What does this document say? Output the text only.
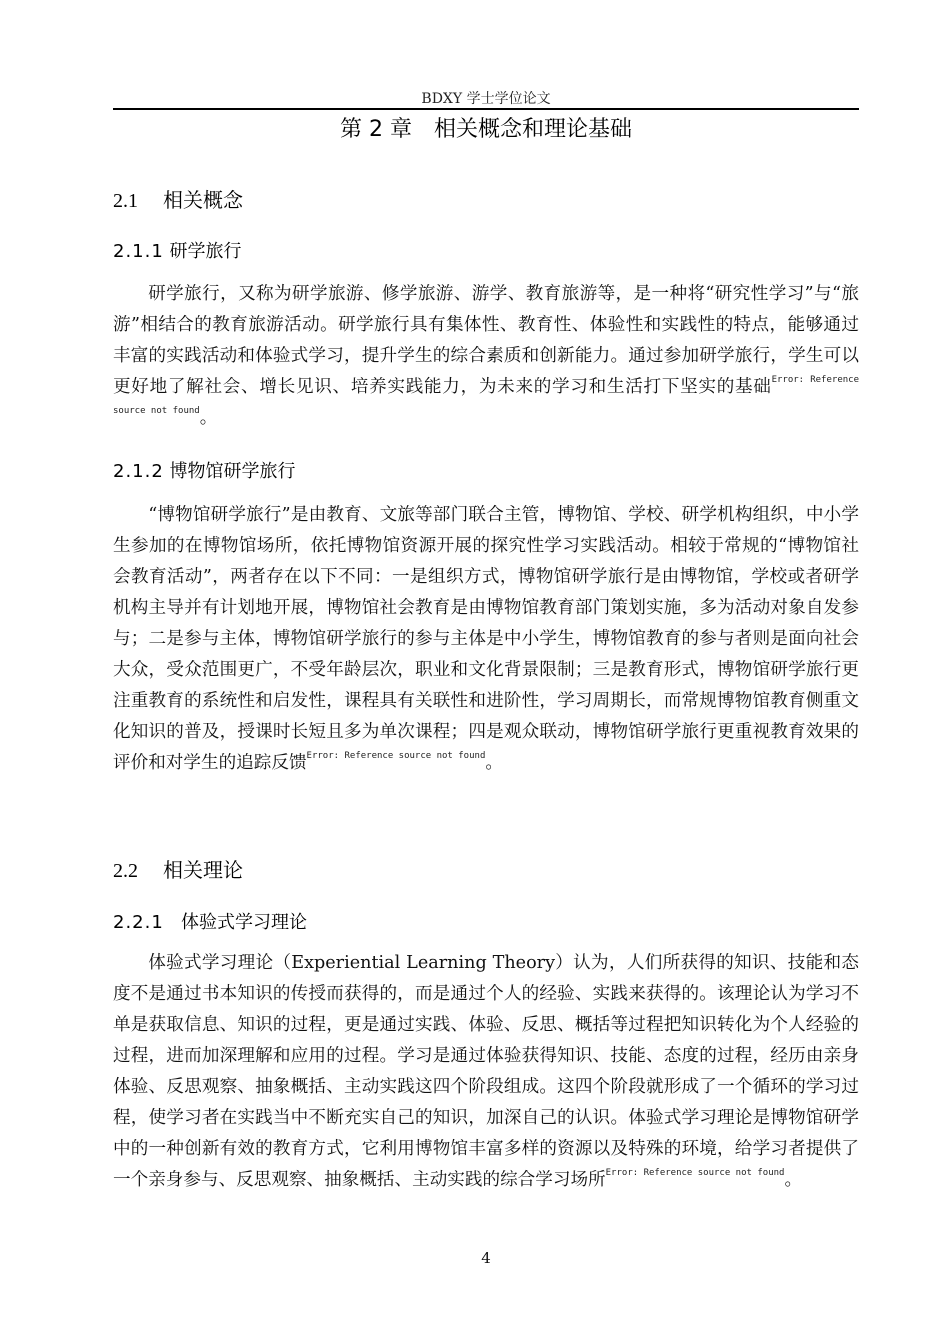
BDXY 学士学位论文
第 2 章 相关概念和理论基础
2.1 相关概念
2.1.1 研学旅行

研学旅行，又称为研学旅游、修学旅游、游学、教育旅游等，是一种将“研究性学习”与“旅游”相结合的教育旅游活动。研学旅行具有集体性、教育性、体验性和实践性的特点，能够通过丰富的实践活动和体验式学习，提升学生的综合素质和创新能力。通过参加研学旅行，学生可以更好地了解社会、增长见识、培养实践能力，为未来的学习和生活打下坚实的基础$^{Error: Reference source not found}$。

2.1.2 博物馆研学旅行

“博物馆研学旅行”是由教育、文旅等部门联合主管，博物馆、学校、研学机构组织，中小学生参加的在博物馆场所，依托博物馆资源开展的探究性学习实践活动。相较于常规的“博物馆社会教育活动”，两者存在以下不同：一是组织方式，博物馆研学旅行是由博物馆，学校或者研学机构主导并有计划地开展，博物馆社会教育是由博物馆教育部门策划实施，多为活动对象自发参与；二是参与主体，博物馆研学旅行的参与主体是中小学生，博物馆教育的参与者则是面向社会大众，受众范围更广，不受年龄层次，职业和文化背景限制；三是教育形式，博物馆研学旅行更注重教育的系统性和启发性，课程具有关联性和进阶性，学习周期长，而常规博物馆教育侧重文化知识的普及，授课时长短且多为单次课程；四是观众联动，博物馆研学旅行更重视教育效果的评价和对学生的追踪反馈$^{Error: Reference source not found}$。

2.2 相关理论
2.2.1 体验式学习理论

体验式学习理论（Experiential Learning Theory）认为，人们所获得的知识、技能和态度不是通过书本知识的传授而获得的，而是通过个人的经验、实践来获得的。该理论认为学习不单是获取信息、知识的过程，更是通过实践、体验、反思、概括等过程把知识转化为个人经验的过程，进而加深理解和应用的过程。学习是通过体验获得知识、技能、态度的过程，经历由亲身体验、反思观察、抽象概括、主动实践这四个阶段组成。这四个阶段就形成了一个循环的学习过程，使学习者在实践当中不断充实自己的知识，加深自己的认识。体验式学习理论是博物馆研学中的一种创新有效的教育方式，它利用博物馆丰富多样的资源以及特殊的环境，给学习者提供了一个亲身参与、反思观察、抽象概括、主动实践的综合学习场所$^{Error: Reference source not found}$。

4
